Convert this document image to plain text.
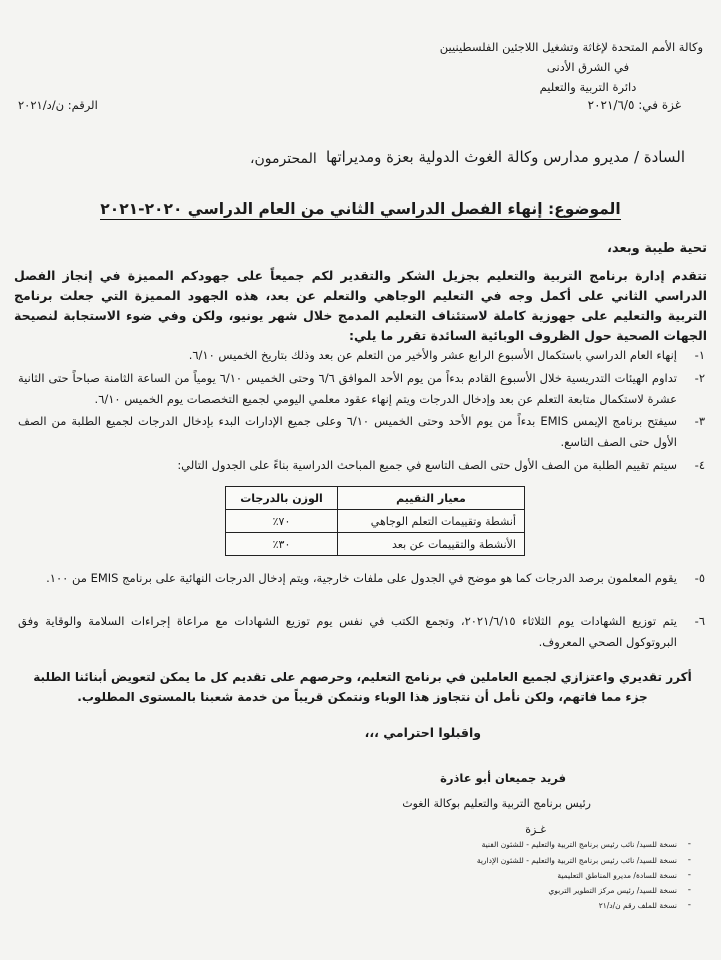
وكالة الأمم المتحدة لإغاثة وتشغيل اللاجئين الفلسطينيين
في الشرق الأدنى
دائرة التربية والتعليم
غزة في: ٢٠٢١/٦/٥
الرقم: ن/د/٢٠٢١
السادة / مديرو مدارس وكالة الغوث الدولية بعزة ومديراتها
المحترمون،
الموضوع: إنهاء الفصل الدراسي الثاني من العام الدراسي ٢٠٢٠-٢٠٢١
تحية طيبة وبعد،
تتقدم إدارة برنامج التربية والتعليم بجزيل الشكر والتقدير لكم جميعاً على جهودكم المميزة في إنجاز الفصل الدراسي الثاني على أكمل وجه في التعليم الوجاهي والتعلم عن بعد، هذه الجهود المميزة التي جعلت برنامج التربية والتعليم على جهوزية كاملة لاستئناف التعليم المدمج خلال شهر يونيو، ولكن وفي ضوء الاستجابة لنصيحة الجهات الصحية حول الظروف الوبائية السائدة تقرر ما يلي:
١-
إنهاء العام الدراسي باستكمال الأسبوع الرابع عشر والأخير من التعلم عن بعد وذلك بتاريخ الخميس ٦/١٠.
٢-
تداوم الهيئات التدريسية خلال الأسبوع القادم بدءاً من يوم الأحد الموافق ٦/٦ وحتى الخميس ٦/١٠ يومياً من الساعة الثامنة صباحاً حتى الثانية عشرة لاستكمال متابعة التعلم عن بعد وإدخال الدرجات ويتم إنهاء عقود معلمي اليومي لجميع التخصصات يوم الخميس ٦/١٠.
٣-
سيفتح برنامج الإيمس EMIS بدءاً من يوم الأحد وحتى الخميس ٦/١٠ وعلى جميع الإدارات البدء بإدخال الدرجات لجميع الطلبة من الصف الأول حتى الصف التاسع.
٤-
سيتم تقييم الطلبة من الصف الأول حتى الصف التاسع في جميع المباحث الدراسية بناءً على الجدول التالي:
معيار التقييم	الوزن بالدرجات
أنشطة وتقييمات التعلم الوجاهي	٧٠٪
الأنشطة والتقييمات عن بعد	٣٠٪
٥-
يقوم المعلمون برصد الدرجات كما هو موضح في الجدول على ملفات خارجية، ويتم إدخال الدرجات النهائية على برنامج EMIS من ١٠٠.
٦-
يتم توزيع الشهادات يوم الثلاثاء ٢٠٢١/٦/١٥، وتجمع الكتب في نفس يوم توزيع الشهادات مع مراعاة إجراءات السلامة والوقاية وفق البروتوكول الصحي المعروف.
أكرر تقديري واعتزازي لجميع العاملين في برنامج التعليم، وحرصهم على تقديم كل ما يمكن لتعويض أبنائنا الطلبة جزء مما فاتهم، ولكن نأمل أن نتجاوز هذا الوباء ونتمكن قريباً من خدمة شعبنا بالمستوى المطلوب.
واقبلوا احترامي ،،،
فريد جميعان أبو عاذرة
رئيس برنامج التربية والتعليم بوكالة الغوث
غـزة
-
نسخة للسيد/ نائب رئيس برنامج التربية والتعليم - للشئون الفنية
-
نسخة للسيد/ نائب رئيس برنامج التربية والتعليم - للشئون الإدارية
-
نسخة للسادة/ مديرو المناطق التعليمية
-
نسخة للسيد/ رئيس مركز التطوير التربوي
-
نسخة للملف رقم ن/د/٢١
